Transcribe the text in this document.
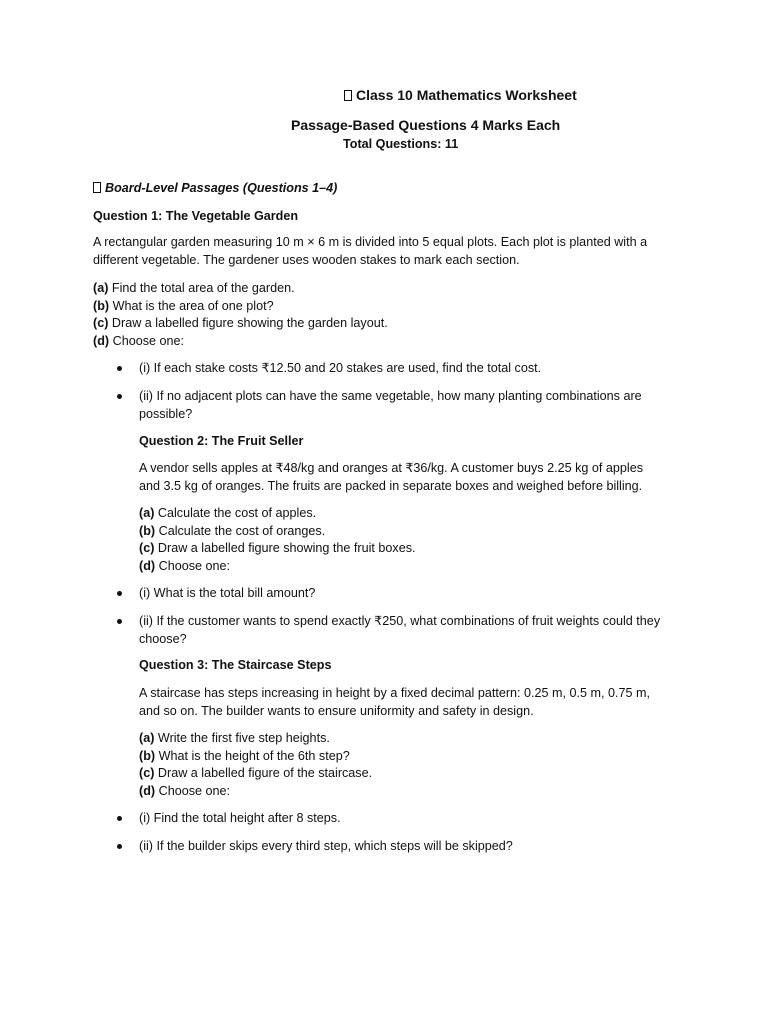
Class 10 Mathematics Worksheet
Passage-Based Questions 4 Marks Each
Total Questions: 11
Board-Level Passages (Questions 1–4)
Question 1: The Vegetable Garden
A rectangular garden measuring 10 m × 6 m is divided into 5 equal plots. Each plot is planted with a different vegetable. The gardener uses wooden stakes to mark each section.
(a) Find the total area of the garden.
(b) What is the area of one plot?
(c) Draw a labelled figure showing the garden layout.
(d) Choose one:
(i) If each stake costs ₹12.50 and 20 stakes are used, find the total cost.
(ii) If no adjacent plots can have the same vegetable, how many planting combinations are possible?
Question 2: The Fruit Seller
A vendor sells apples at ₹48/kg and oranges at ₹36/kg. A customer buys 2.25 kg of apples and 3.5 kg of oranges. The fruits are packed in separate boxes and weighed before billing.
(a) Calculate the cost of apples.
(b) Calculate the cost of oranges.
(c) Draw a labelled figure showing the fruit boxes.
(d) Choose one:
(i) What is the total bill amount?
(ii) If the customer wants to spend exactly ₹250, what combinations of fruit weights could they choose?
Question 3: The Staircase Steps
A staircase has steps increasing in height by a fixed decimal pattern: 0.25 m, 0.5 m, 0.75 m, and so on. The builder wants to ensure uniformity and safety in design.
(a) Write the first five step heights.
(b) What is the height of the 6th step?
(c) Draw a labelled figure of the staircase.
(d) Choose one:
(i) Find the total height after 8 steps.
(ii) If the builder skips every third step, which steps will be skipped?
